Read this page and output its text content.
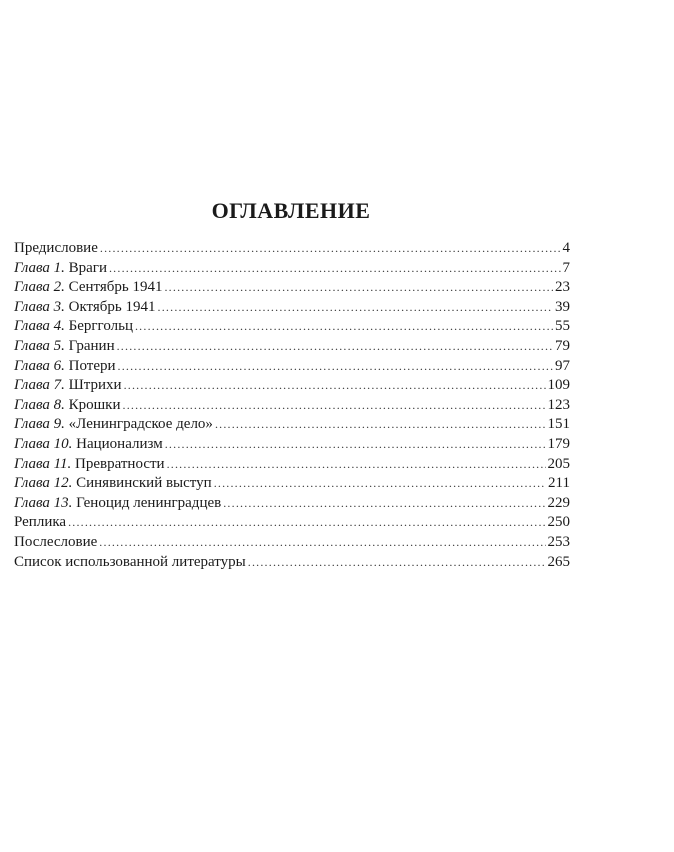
ОГЛАВЛЕНИЕ
Предисловие .....	4
Глава 1. Враги .....	7
Глава 2. Сентябрь 1941 .....	23
Глава 3. Октябрь 1941 .....	39
Глава 4. Берггольц .....	55
Глава 5. Гранин .....	79
Глава 6. Потери .....	97
Глава 7. Штрихи .....	109
Глава 8. Крошки .....	123
Глава 9. «Ленинградское дело» .....	151
Глава 10. Национализм .....	179
Глава 11. Превратности .....	205
Глава 12. Синявинский выступ .....	211
Глава 13. Геноцид ленинградцев .....	229
Реплика .....	250
Послесловие .....	253
Список использованной литературы .....	265
